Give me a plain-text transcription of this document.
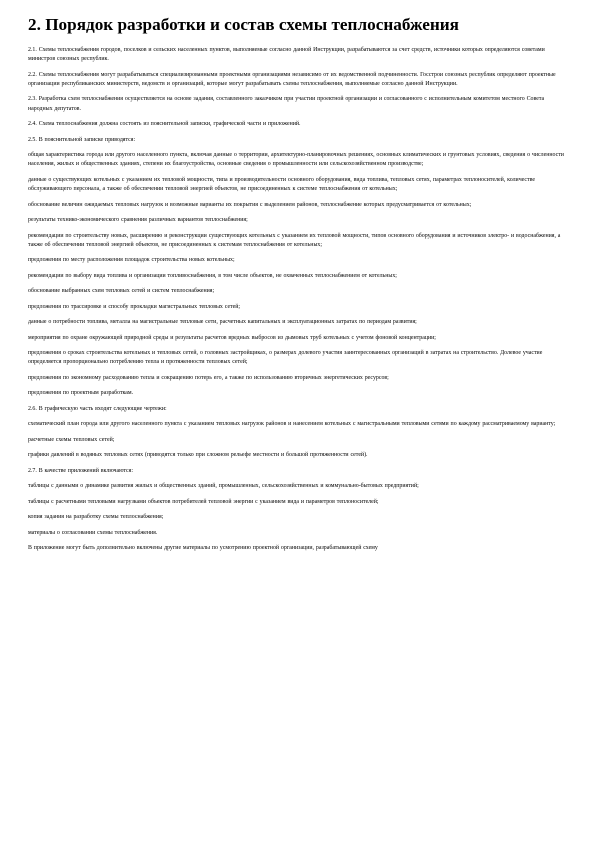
2. Порядок разработки и состав схемы теплоснабжения

2.1. Схемы теплоснабжения городов, поселков и сельских населенных пунктов, выполняемые согласно данной Инструкции, разрабатываются за счет средств, источники которых определяются советами министров союзных республик.

2.2. Схемы теплоснабжения могут разрабатываться специализированными проектными организациями независимо от их ведомственной подчиненности. Госстрои союзных республик определяют проектные организации республиканских министерств, ведомств и организаций, которые могут разрабатывать схемы теплоснабжения, выполняемые согласно данной Инструкции.

2.3. Разработка схем теплоснабжения осуществляется на основе задания, составленного заказчиком при участии проектной организации и согласованного с исполнительным комитетом местного Совета народных депутатов.

2.4. Схема теплоснабжения должна состоять из пояснительной записки, графической части и приложений.

2.5. В пояснительной записке приводятся:

общая характеристика города или другого населенного пункта, включая данные о территории, архитектурно-планировочных решениях, основных климатических и грунтовых условиях, сведения о численности населения, жилых и общественных зданиях, степени их благоустройства, основные сведения о промышленности или сельскохозяйственном производстве;

данные о существующих котельных с указанием их тепловой мощности, типа и производительности основного оборудования, вида топлива, тепловых сетях, параметрах теплоносителей, количестве обслуживающего персонала, а также об обеспечении тепловой энергией объектов, не присоединенных к системе теплоснабжения от котельных;

обоснование величин ожидаемых тепловых нагрузок и возможные варианты их покрытия с выделением районов, теплоснабжение которых предусматривается от котельных;

результаты технико-экономического сравнения различных вариантов теплоснабжения;

рекомендации по строительству новых, расширению и реконструкции существующих котельных с указанием их тепловой мощности, типов основного оборудования и источников электро- и водоснабжения, а также об обеспечении тепловой энергией объектов, не присоединенных к системам теплоснабжения от котельных;

предложения по месту расположения площадок строительства новых котельных;

рекомендации по выбору вида топлива и организации топливоснабжения, в том числе объектов, не охваченных теплоснабжением от котельных;

обоснование выбранных схем тепловых сетей и систем теплоснабжения;

предложения по трассировке и способу прокладки магистральных тепловых сетей;

данные о потребности топлива, металла на магистральные тепловые сети, расчетных капитальных и эксплуатационных затратах по периодам развития;

мероприятия по охране окружающей природной среды и результаты расчетов вредных выбросов из дымовых труб котельных с учетом фоновой концентрации;

предложения о сроках строительства котельных и тепловых сетей, о головных застройщиках, о размерах долевого участия заинтересованных организаций в затратах на строительство. Долевое участие определяется пропорционально потреблению тепла и протяженности тепловых сетей;

предложения по экономному расходованию тепла и сокращению потерь его, а также по использованию вторичных энергетических ресурсов;

предложения по проектным разработкам.

2.6. В графическую часть входят следующие чертежи:

схематический план города или другого населенного пункта с указанием тепловых нагрузок районов и нанесением котельных с магистральными тепловыми сетями по каждому рассматриваемому варианту;

расчетные схемы тепловых сетей;

графики давлений в водяных тепловых сетях (приводятся только при сложном рельефе местности и большой протяженности сетей).

2.7. В качестве приложений включаются:

таблицы с данными о динамике развития жилых и общественных зданий, промышленных, сельскохозяйственных и коммунально-бытовых предприятий;

таблицы с расчетными тепловыми нагрузками объектов потребителей тепловой энергии с указанием вида и параметров теплоносителей;

копия задания на разработку схемы теплоснабжения;

материалы о согласовании схемы теплоснабжения.

В приложение могут быть дополнительно включены другие материалы по усмотрению проектной организации, разрабатывающей схему
